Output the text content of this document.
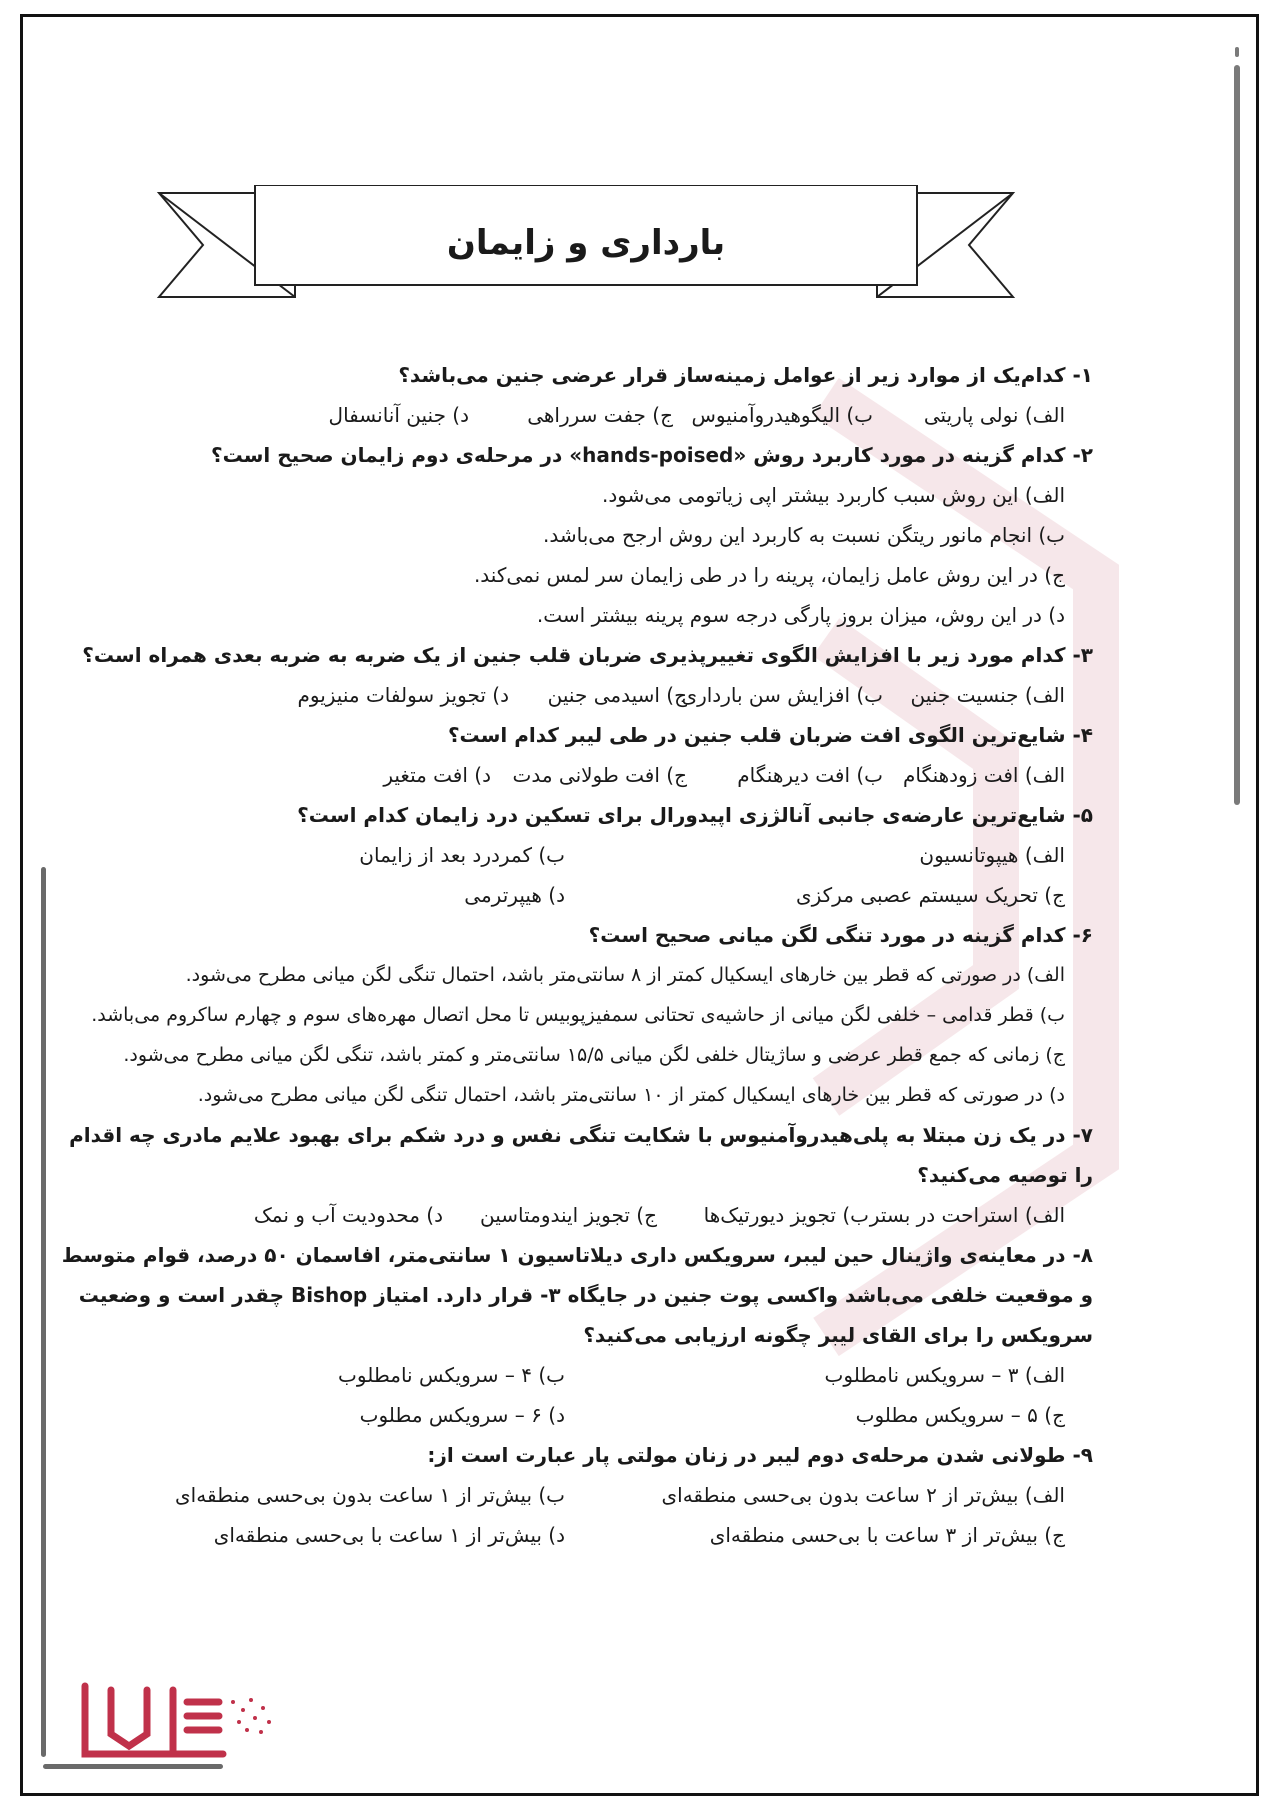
بارداری و زایمان
۱- کدام‌یک از موارد زیر از عوامل زمینه‌ساز قرار عرضی جنین می‌باشد؟
الف) نولی پاریتی
ب) الیگوهیدروآمنیوس
ج) جفت سرراهی
د) جنین آنانسفال
۲- کدام گزینه در مورد کاربرد روش «hands-poised» در مرحله‌ی دوم زایمان صحیح است؟
الف) این روش سبب کاربرد بیشتر اپی زیاتومی می‌شود.
ب) انجام مانور ریتگن نسبت به کاربرد این روش ارجح می‌باشد.
ج) در این روش عامل زایمان، پرینه را در طی زایمان سر لمس نمی‌کند.
د) در این روش، میزان بروز پارگی درجه سوم پرینه بیشتر است.
۳- کدام مورد زیر با افزایش الگوی تغییرپذیری ضربان قلب جنین از یک ضربه به ضربه بعدی همراه است؟
الف) جنسیت جنین
ب) افزایش سن بارداری
ج) اسیدمی جنین
د) تجویز سولفات منیزیوم
۴- شایع‌ترین الگوی افت ضربان قلب جنین در طی لیبر کدام است؟
الف) افت زودهنگام
ب) افت دیرهنگام
ج) افت طولانی مدت
د) افت متغیر
۵- شایع‌ترین عارضه‌ی جانبی آنالژزی اپیدورال برای تسکین درد زایمان کدام است؟
الف) هیپوتانسیون
ب) کمردرد بعد از زایمان
ج) تحریک سیستم عصبی مرکزی
د) هیپرترمی
۶- کدام گزینه در مورد تنگی لگن میانی صحیح است؟
الف) در صورتی که قطر بین خارهای ایسکیال کمتر از ۸ سانتی‌متر باشد، احتمال تنگی لگن میانی مطرح می‌شود.
ب) قطر قدامی – خلفی لگن میانی از حاشیه‌ی تحتانی سمفیزپوبیس تا محل اتصال مهره‌های سوم و چهارم ساکروم می‌باشد.
ج) زمانی که جمع قطر عرضی و ساژیتال خلفی لگن میانی ۱۵/۵ سانتی‌متر و کمتر باشد، تنگی لگن میانی مطرح می‌شود.
د) در صورتی که قطر بین خارهای ایسکیال کمتر از ۱۰ سانتی‌متر باشد، احتمال تنگی لگن میانی مطرح می‌شود.
۷- در یک زن مبتلا به پلی‌هیدروآمنیوس با شکایت تنگی نفس و درد شکم برای بهبود علایم مادری چه اقدام را توصیه می‌کنید؟
الف) استراحت در بستر
ب) تجویز دیورتیک‌ها
ج) تجویز ایندومتاسین
د) محدودیت آب و نمک
۸- در معاینه‌ی واژینال حین لیبر، سرویکس داری دیلاتاسیون ۱ سانتی‌متر، افاسمان ۵۰ درصد، قوام متوسط و موقعیت خلفی می‌باشد واکسی پوت جنین در جایگاه ۳- قرار دارد. امتیاز Bishop چقدر است و وضعیت سرویکس را برای القای لیبر چگونه ارزیابی می‌کنید؟
الف) ۳ – سرویکس نامطلوب
ب) ۴ – سرویکس نامطلوب
ج) ۵ – سرویکس مطلوب
د) ۶ – سرویکس مطلوب
۹- طولانی شدن مرحله‌ی دوم لیبر در زنان مولتی پار عبارت است از:
الف) بیش‌تر از ۲ ساعت بدون بی‌حسی منطقه‌ای
ب) بیش‌تر از ۱ ساعت بدون بی‌حسی منطقه‌ای
ج) بیش‌تر از ۳ ساعت با بی‌حسی منطقه‌ای
د) بیش‌تر از ۱ ساعت با بی‌حسی منطقه‌ای
